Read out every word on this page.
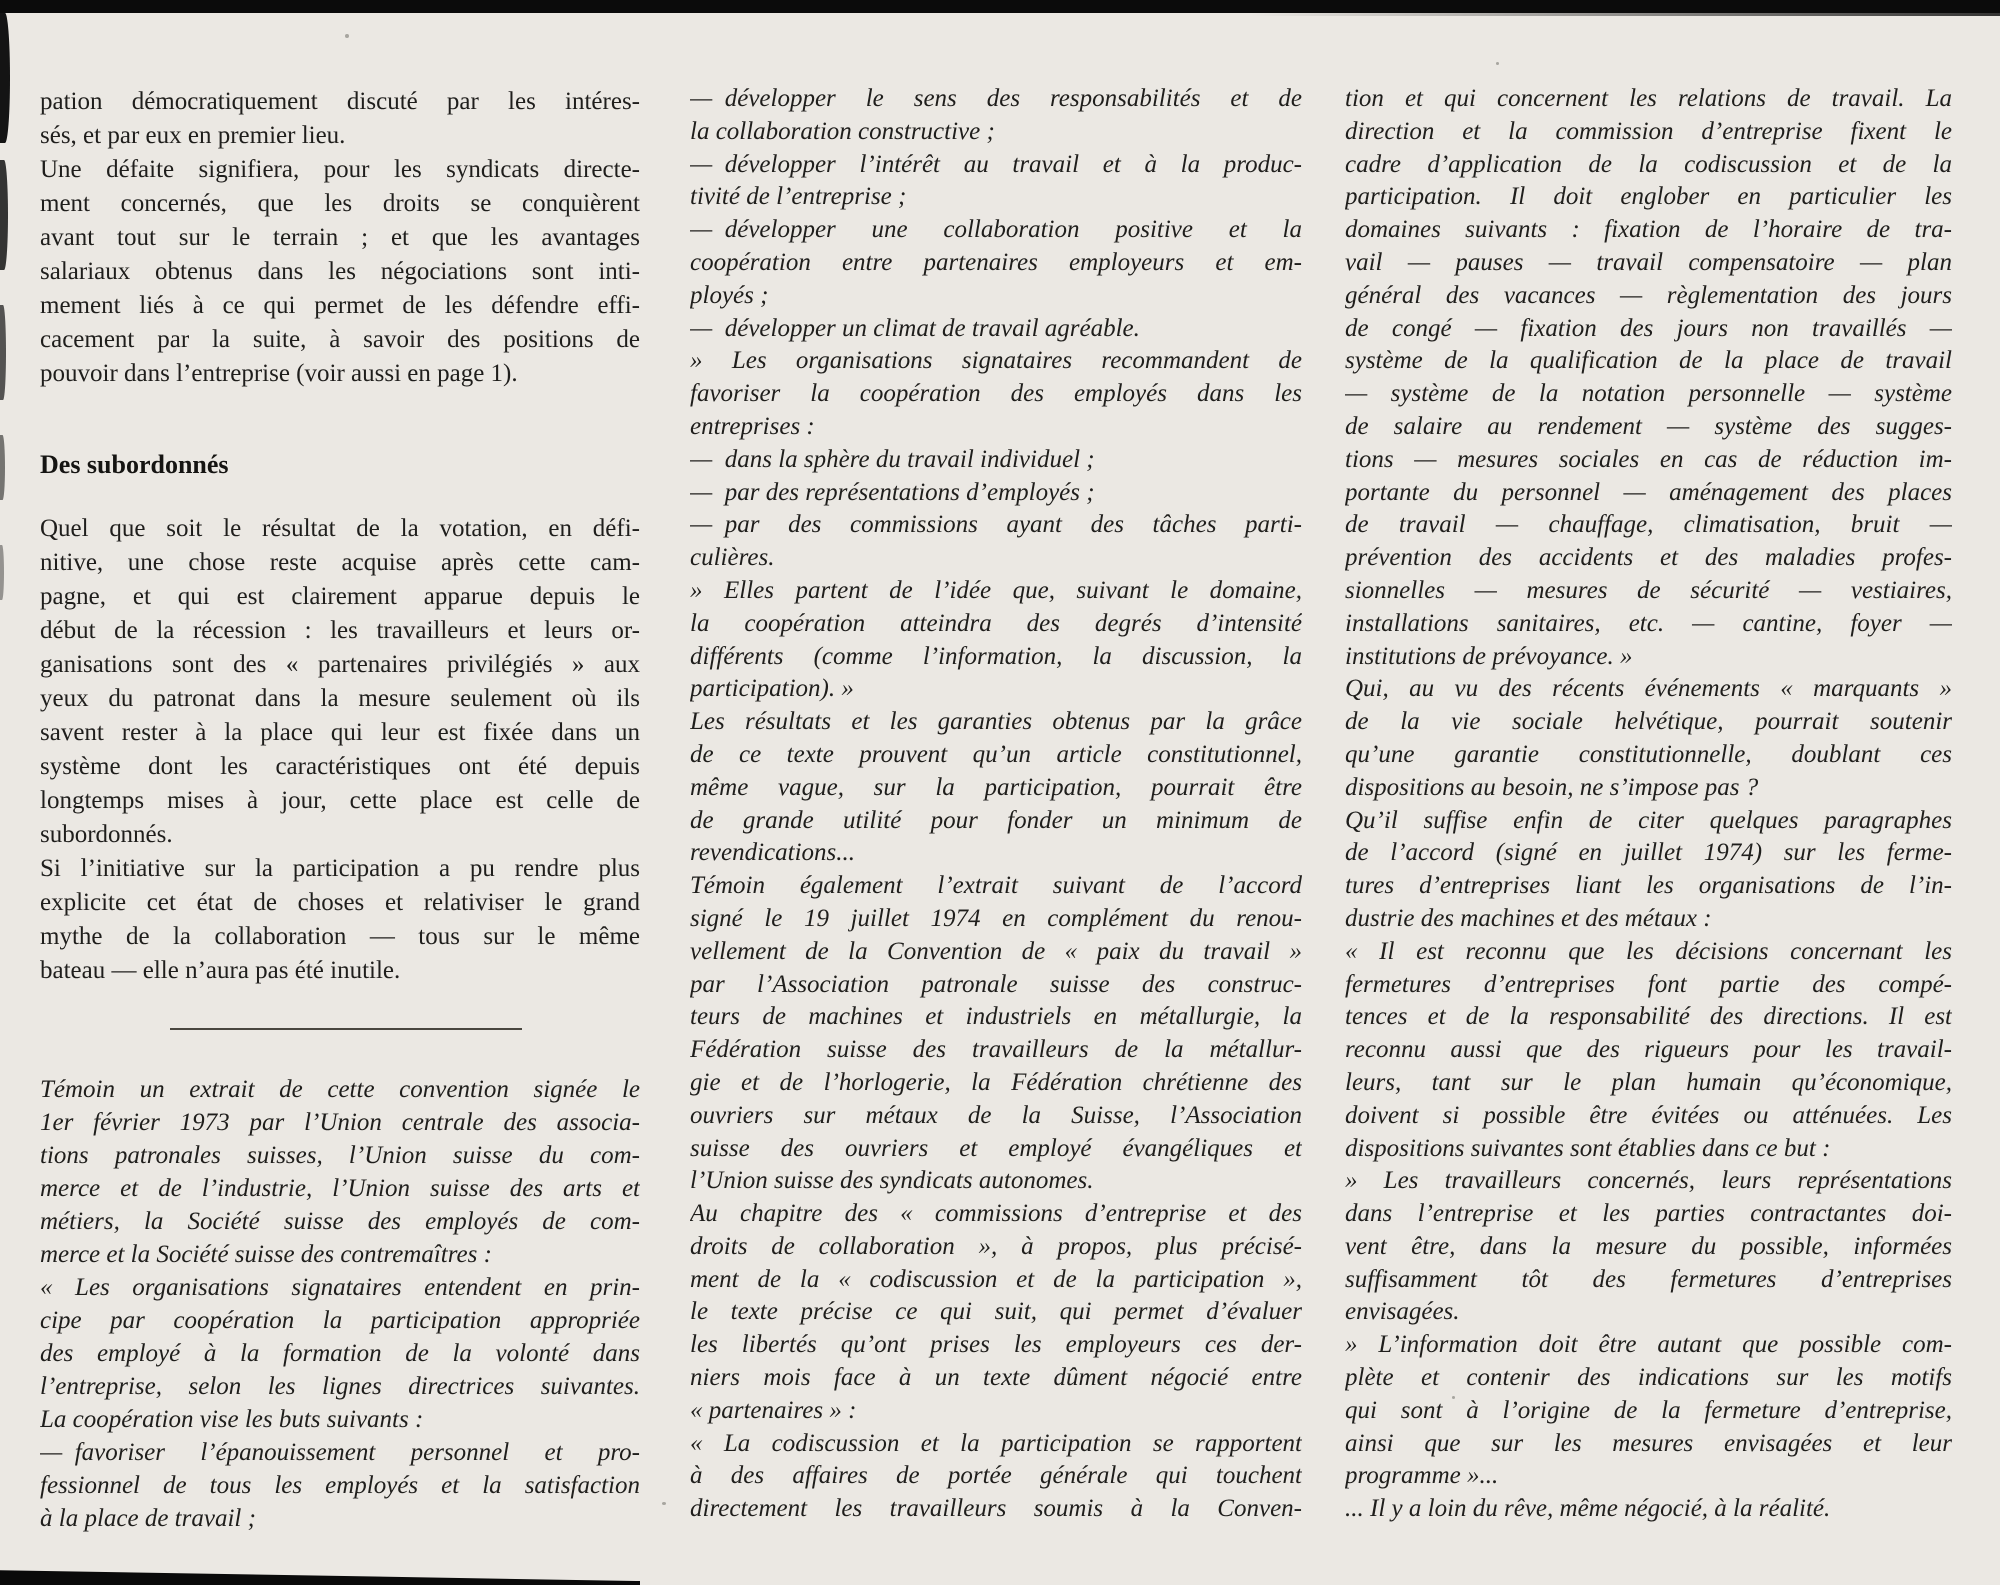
pation démocratiquement discuté par les intéres-
sés, et par eux en premier lieu.
Une défaite signifiera, pour les syndicats directe-
ment concernés, que les droits se conquièrent
avant tout sur le terrain ; et que les avantages
salariaux obtenus dans les négociations sont inti-
mement liés à ce qui permet de les défendre effi-
cacement par la suite, à savoir des positions de
pouvoir dans l’entreprise (voir aussi en page 1).
Des subordonnés
Quel que soit le résultat de la votation, en défi-
nitive, une chose reste acquise après cette cam-
pagne, et qui est clairement apparue depuis le
début de la récession : les travailleurs et leurs or-
ganisations sont des « partenaires privilégiés » aux
yeux du patronat dans la mesure seulement où ils
savent rester à la place qui leur est fixée dans un
système dont les caractéristiques ont été depuis
longtemps mises à jour, cette place est celle de
subordonnés.
Si l’initiative sur la participation a pu rendre plus
explicite cet état de choses et relativiser le grand
mythe de la collaboration — tous sur le même
bateau — elle n’aura pas été inutile.
Témoin un extrait de cette convention signée le
1er février 1973 par l’Union centrale des associa-
tions patronales suisses, l’Union suisse du com-
merce et de l’industrie, l’Union suisse des arts et
métiers, la Société suisse des employés de com-
merce et la Société suisse des contremaîtres :
« Les organisations signataires entendent en prin-
cipe par coopération la participation appropriée
des employé à la formation de la volonté dans
l’entreprise, selon les lignes directrices suivantes.
La coopération vise les buts suivants :
— favoriser l’épanouissement personnel et pro-
fessionnel de tous les employés et la satisfaction
à la place de travail ;
— développer le sens des responsabilités et de
la collaboration constructive ;
— développer l’intérêt au travail et à la produc-
tivité de l’entreprise ;
— développer une collaboration positive et la
coopération entre partenaires employeurs et em-
ployés ;
— développer un climat de travail agréable.
» Les organisations signataires recommandent de
favoriser la coopération des employés dans les
entreprises :
— dans la sphère du travail individuel ;
— par des représentations d’employés ;
— par des commissions ayant des tâches parti-
culières.
» Elles partent de l’idée que, suivant le domaine,
la coopération atteindra des degrés d’intensité
différents (comme l’information, la discussion, la
participation). »
Les résultats et les garanties obtenus par la grâce
de ce texte prouvent qu’un article constitutionnel,
même vague, sur la participation, pourrait être
de grande utilité pour fonder un minimum de
revendications...
Témoin également l’extrait suivant de l’accord
signé le 19 juillet 1974 en complément du renou-
vellement de la Convention de « paix du travail »
par l’Association patronale suisse des construc-
teurs de machines et industriels en métallurgie, la
Fédération suisse des travailleurs de la métallur-
gie et de l’horlogerie, la Fédération chrétienne des
ouvriers sur métaux de la Suisse, l’Association
suisse des ouvriers et employé évangéliques et
l’Union suisse des syndicats autonomes.
Au chapitre des « commissions d’entreprise et des
droits de collaboration », à propos, plus précisé-
ment de la « codiscussion et de la participation »,
le texte précise ce qui suit, qui permet d’évaluer
les libertés qu’ont prises les employeurs ces der-
niers mois face à un texte dûment négocié entre
« partenaires » :
« La codiscussion et la participation se rapportent
à des affaires de portée générale qui touchent
directement les travailleurs soumis à la Conven-
tion et qui concernent les relations de travail. La
direction et la commission d’entreprise fixent le
cadre d’application de la codiscussion et de la
participation. Il doit englober en particulier les
domaines suivants : fixation de l’horaire de tra-
vail — pauses — travail compensatoire — plan
général des vacances — règlementation des jours
de congé — fixation des jours non travaillés —
système de la qualification de la place de travail
— système de la notation personnelle — système
de salaire au rendement — système des sugges-
tions — mesures sociales en cas de réduction im-
portante du personnel — aménagement des places
de travail — chauffage, climatisation, bruit —
prévention des accidents et des maladies profes-
sionnelles — mesures de sécurité — vestiaires,
installations sanitaires, etc. — cantine, foyer —
institutions de prévoyance. »
Qui, au vu des récents événements « marquants »
de la vie sociale helvétique, pourrait soutenir
qu’une garantie constitutionnelle, doublant ces
dispositions au besoin, ne s’impose pas ?
Qu’il suffise enfin de citer quelques paragraphes
de l’accord (signé en juillet 1974) sur les ferme-
tures d’entreprises liant les organisations de l’in-
dustrie des machines et des métaux :
« Il est reconnu que les décisions concernant les
fermetures d’entreprises font partie des compé-
tences et de la responsabilité des directions. Il est
reconnu aussi que des rigueurs pour les travail-
leurs, tant sur le plan humain qu’économique,
doivent si possible être évitées ou atténuées. Les
dispositions suivantes sont établies dans ce but :
» Les travailleurs concernés, leurs représentations
dans l’entreprise et les parties contractantes doi-
vent être, dans la mesure du possible, informées
suffisamment tôt des fermetures d’entreprises
envisagées.
» L’information doit être autant que possible com-
plète et contenir des indications sur les motifs
qui sont à l’origine de la fermeture d’entreprise,
ainsi que sur les mesures envisagées et leur
programme »...
... Il y a loin du rêve, même négocié, à la réalité.
